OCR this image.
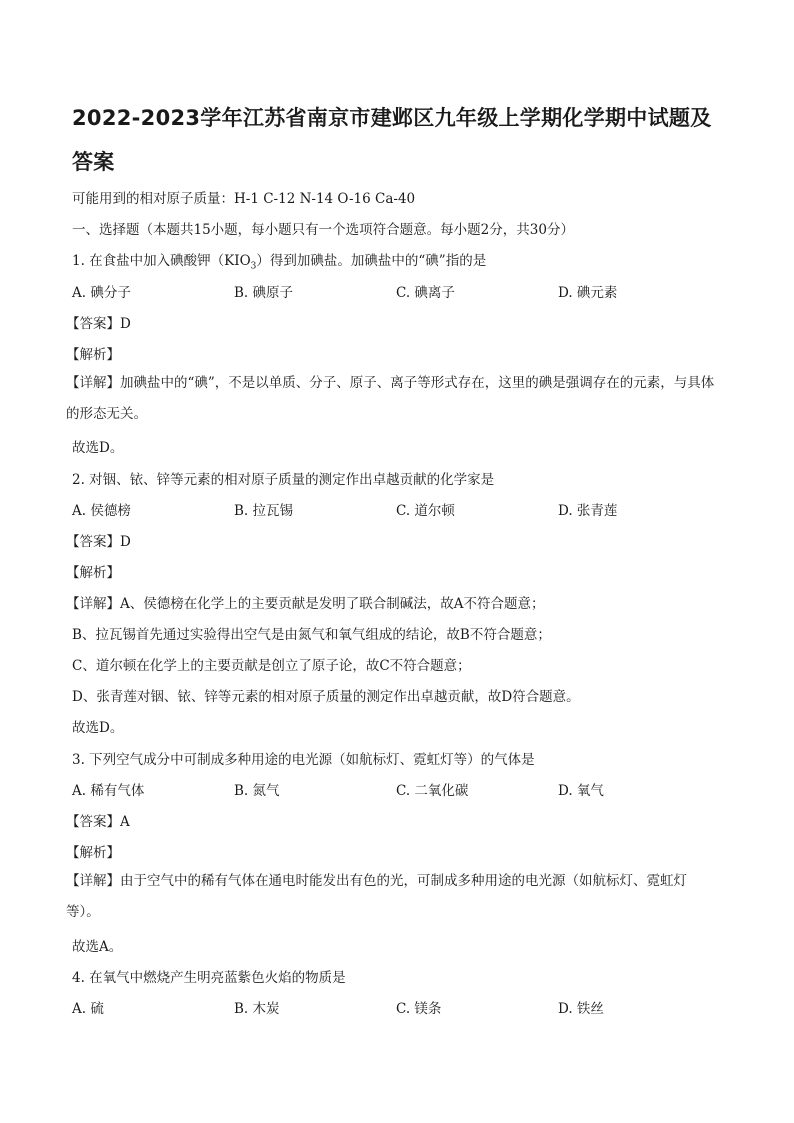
2022-2023学年江苏省南京市建邺区九年级上学期化学期中试题及答案
可能用到的相对原子质量：H-1 C-12 N-14 O-16 Ca-40
一、选择题（本题共15小题，每小题只有一个选项符合题意。每小题2分，共30分）
1. 在食盐中加入碘酸钾$(KIO_3)$得到加碘盐。加碘盐中的“碘”指的是
A. 碘分子	B. 碘原子	C. 碘离子	D. 碘元素
【答案】D
【解析】
【详解】加碘盐中的“碘”，不是以单质、分子、原子、离子等形式存在，这里的碘是强调存在的元素，与具体的形态无关。
故选D。
2. 对铟、铱、锌等元素的相对原子质量的测定作出卓越贡献的化学家是
A. 侯德榜	B. 拉瓦锡	C. 道尔顿	D. 张青莲
【答案】D
【解析】
【详解】A、侯德榜在化学上的主要贡献是发明了联合制碱法，故A不符合题意；
B、拉瓦锡首先通过实验得出空气是由氮气和氧气组成的结论，故B不符合题意；
C、道尔顿在化学上的主要贡献是创立了原子论，故C不符合题意；
D、张青莲对铟、铱、锌等元素的相对原子质量的测定作出卓越贡献，故D符合题意。
故选D。
3. 下列空气成分中可制成多种用途的电光源（如航标灯、霓虹灯等）的气体是
A. 稀有气体	B. 氮气	C. 二氧化碳	D. 氧气
【答案】A
【解析】
【详解】由于空气中的稀有气体在通电时能发出有色的光，可制成多种用途的电光源（如航标灯、霓虹灯等）。
故选A。
4. 在氧气中燃烧产生明亮蓝紫色火焰的物质是
A. 硫	B. 木炭	C. 镁条	D. 铁丝
